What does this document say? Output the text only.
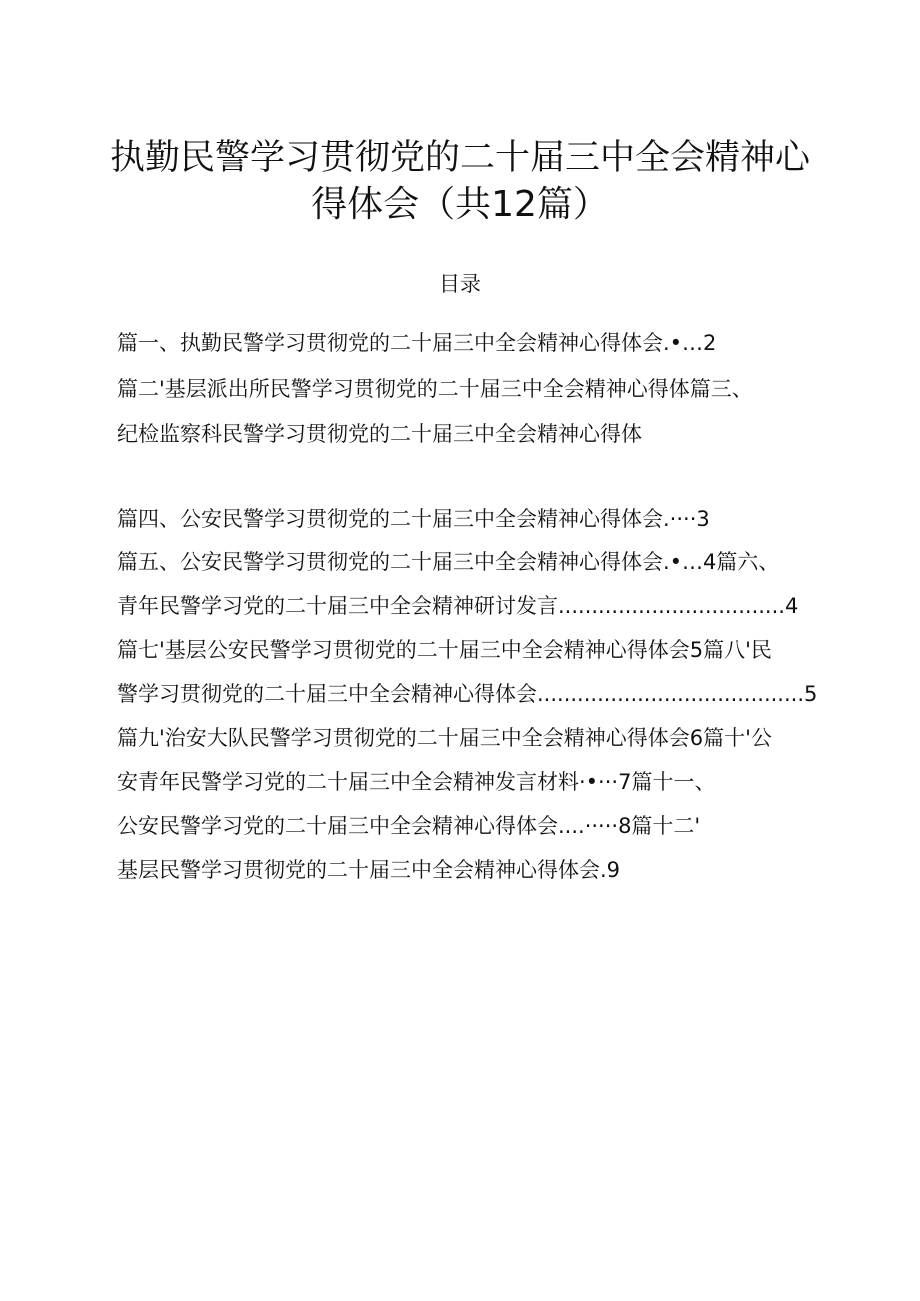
执勤民警学习贯彻党的二十届三中全会精神心
得体会（共12篇）
目录
篇一、执勤民警学习贯彻党的二十届三中全会精神心得体会.•…2
篇二'基层派出所民警学习贯彻党的二十届三中全会精神心得体篇三、
纪检监察科民警学习贯彻党的二十届三中全会精神心得体
篇四、公安民警学习贯彻党的二十届三中全会精神心得体会.····3
篇五、公安民警学习贯彻党的二十届三中全会精神心得体会.•…4篇六、
青年民警学习党的二十届三中全会精神研讨发言..................................4
篇七'基层公安民警学习贯彻党的二十届三中全会精神心得体会5篇八'民
警学习贯彻党的二十届三中全会精神心得体会........................................5
篇九'治安大队民警学习贯彻党的二十届三中全会精神心得体会6篇十'公
安青年民警学习党的二十届三中全会精神发言材料·•···7篇十一、
公安民警学习党的二十届三中全会精神心得体会....·····8篇十二'
基层民警学习贯彻党的二十届三中全会精神心得体会.9
